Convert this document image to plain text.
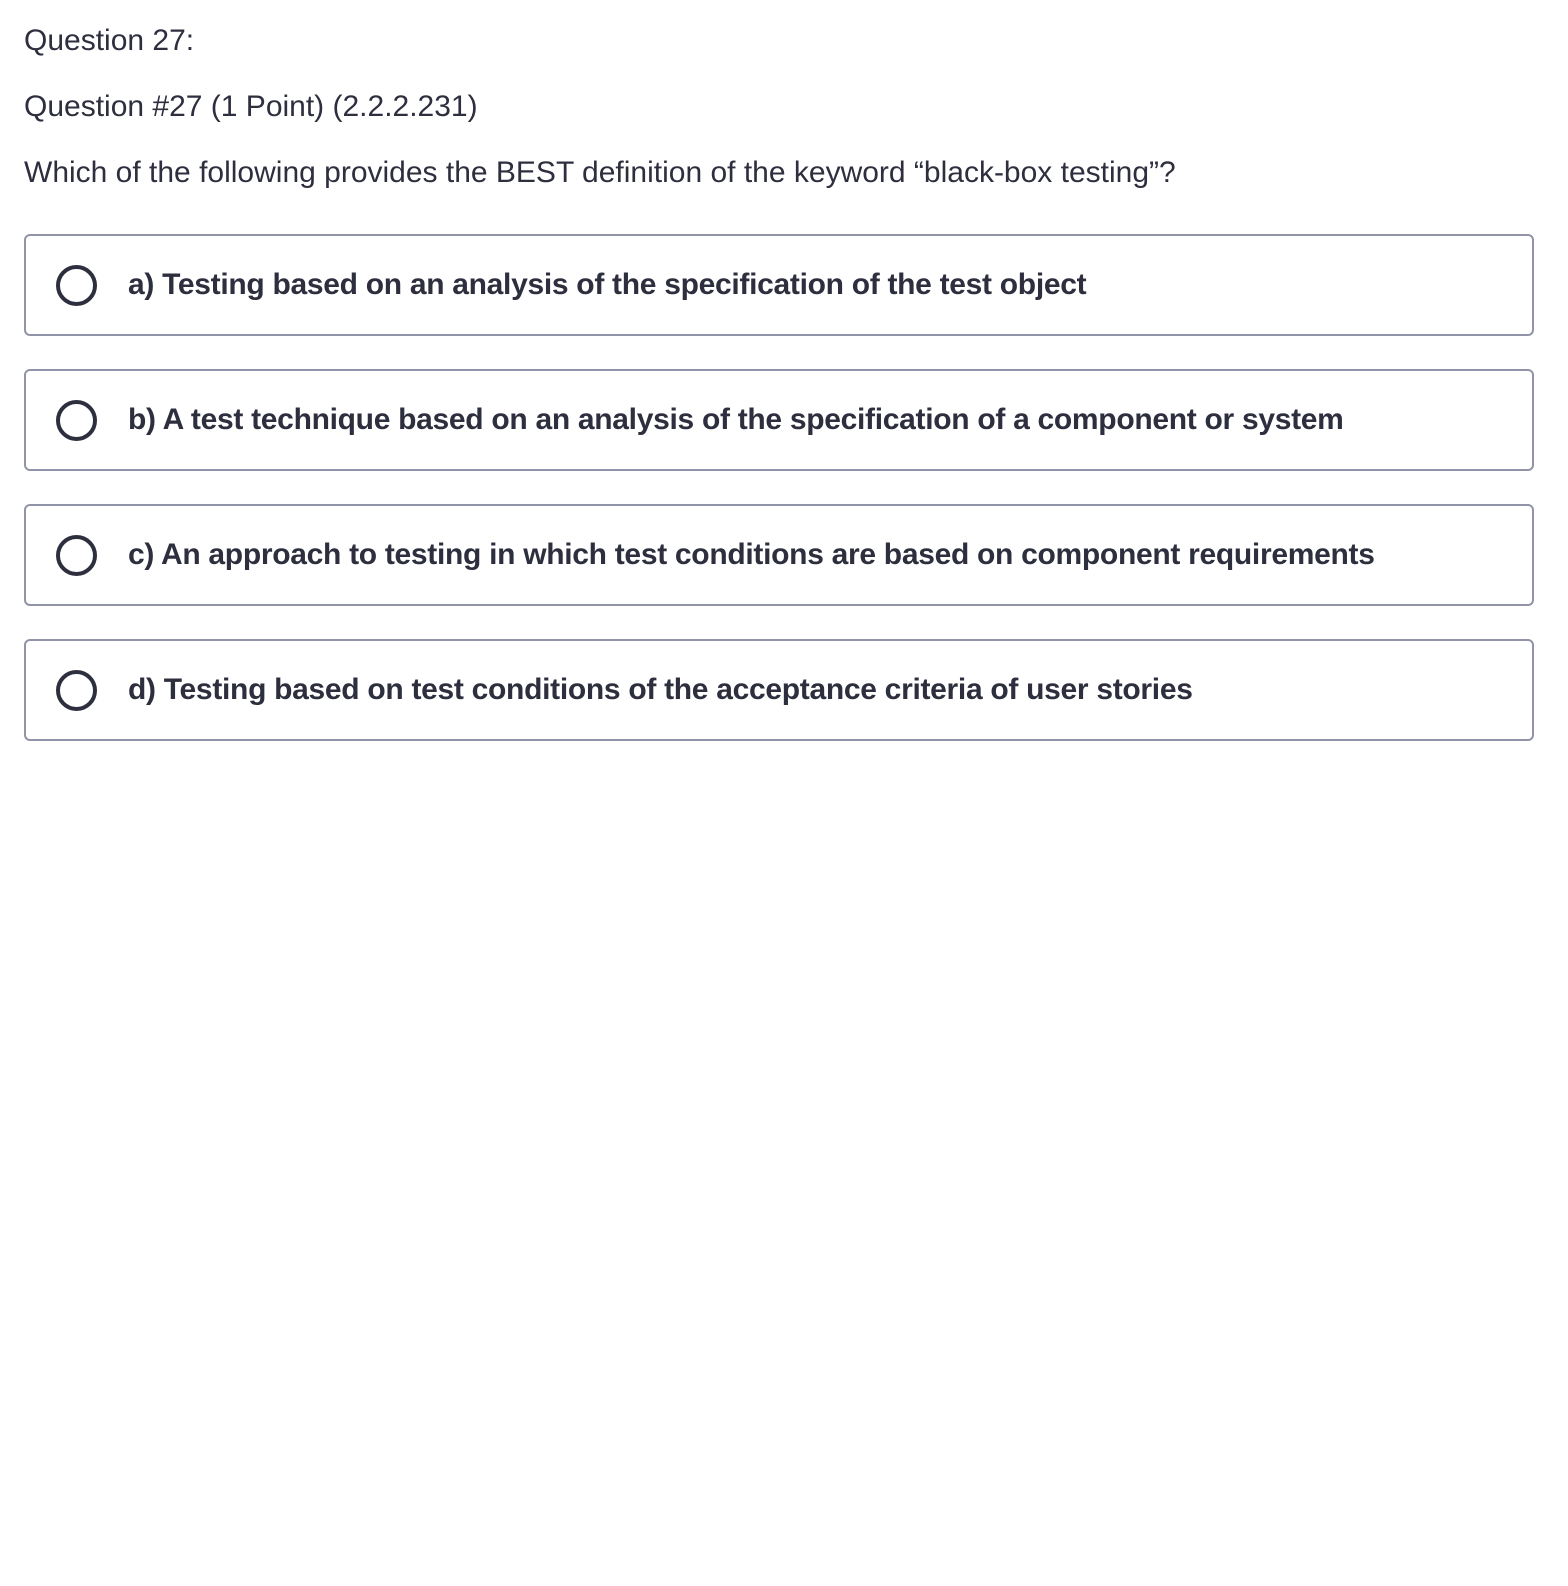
Question 27:
Question #27 (1 Point) (2.2.2.231)
Which of the following provides the BEST definition of the keyword “black-box testing”?
a) Testing based on an analysis of the specification of the test object
b) A test technique based on an analysis of the specification of a component or system
c) An approach to testing in which test conditions are based on component requirements
d) Testing based on test conditions of the acceptance criteria of user stories
